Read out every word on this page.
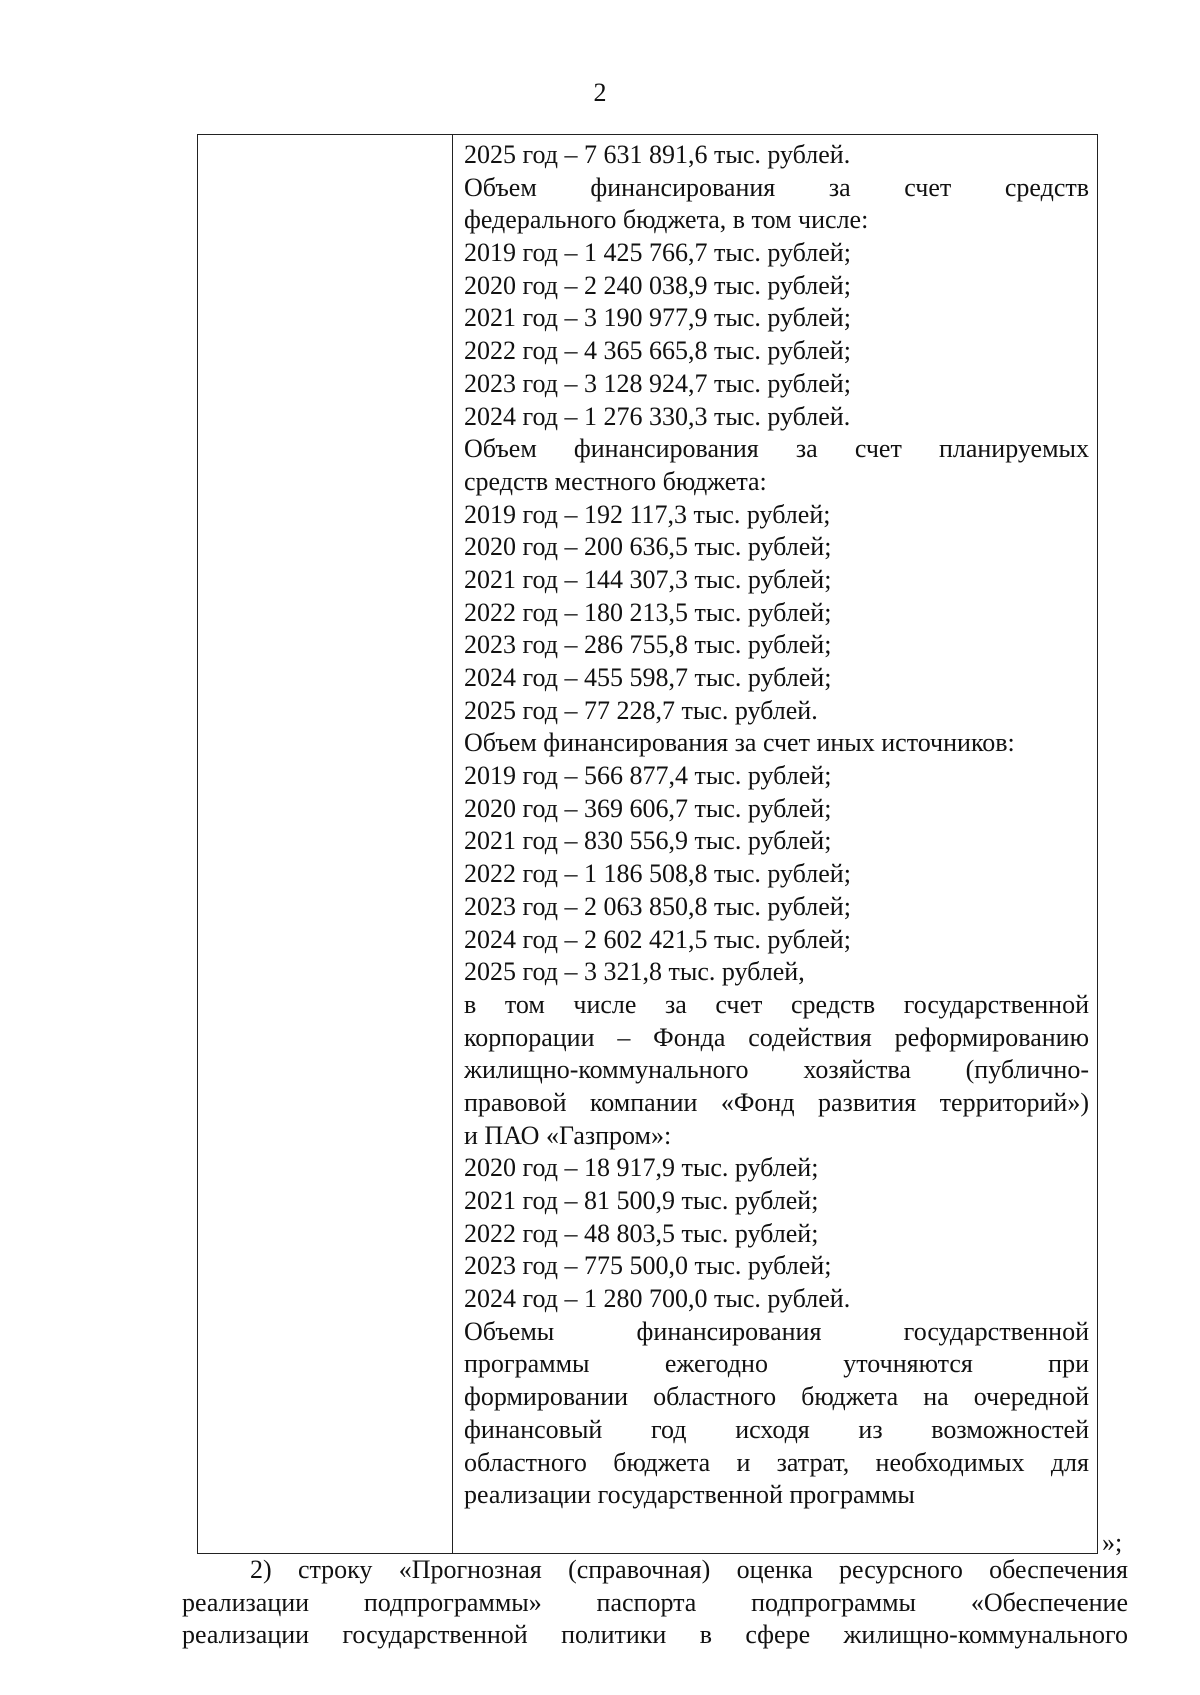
2
2025 год – 7 631 891,6 тыс. рублей.
Объем финансирования за счет средств
федерального бюджета, в том числе:
2019 год – 1 425 766,7 тыс. рублей;
2020 год – 2 240 038,9 тыс. рублей;
2021 год – 3 190 977,9 тыс. рублей;
2022 год – 4 365 665,8 тыс. рублей;
2023 год – 3 128 924,7 тыс. рублей;
2024 год – 1 276 330,3 тыс. рублей.
Объем финансирования за счет планируемых
средств местного бюджета:
2019 год – 192 117,3 тыс. рублей;
2020 год – 200 636,5 тыс. рублей;
2021 год – 144 307,3 тыс. рублей;
2022 год – 180 213,5 тыс. рублей;
2023 год – 286 755,8 тыс. рублей;
2024 год – 455 598,7 тыс. рублей;
2025 год – 77 228,7 тыс. рублей.
Объем финансирования за счет иных источников:
2019 год – 566 877,4 тыс. рублей;
2020 год – 369 606,7 тыс. рублей;
2021 год – 830 556,9 тыс. рублей;
2022 год – 1 186 508,8 тыс. рублей;
2023 год – 2 063 850,8 тыс. рублей;
2024 год – 2 602 421,5 тыс. рублей;
2025 год – 3 321,8 тыс. рублей,
в том числе за счет средств государственной
корпорации – Фонда содействия реформированию
жилищно-коммунального хозяйства (публично-
правовой компании «Фонд развития территорий»)
и ПАО «Газпром»:
2020 год – 18 917,9 тыс. рублей;
2021 год – 81 500,9 тыс. рублей;
2022 год – 48 803,5 тыс. рублей;
2023 год – 775 500,0 тыс. рублей;
2024 год – 1 280 700,0 тыс. рублей.
Объемы финансирования государственной
программы ежегодно уточняются при
формировании областного бюджета на очередной
финансовый год исходя из возможностей
областного бюджета и затрат, необходимых для
реализации государственной программы
»;
2) строку «Прогнозная (справочная) оценка ресурсного обеспечения
реализации подпрограммы» паспорта подпрограммы «Обеспечение
реализации государственной политики в сфере жилищно-коммунального
